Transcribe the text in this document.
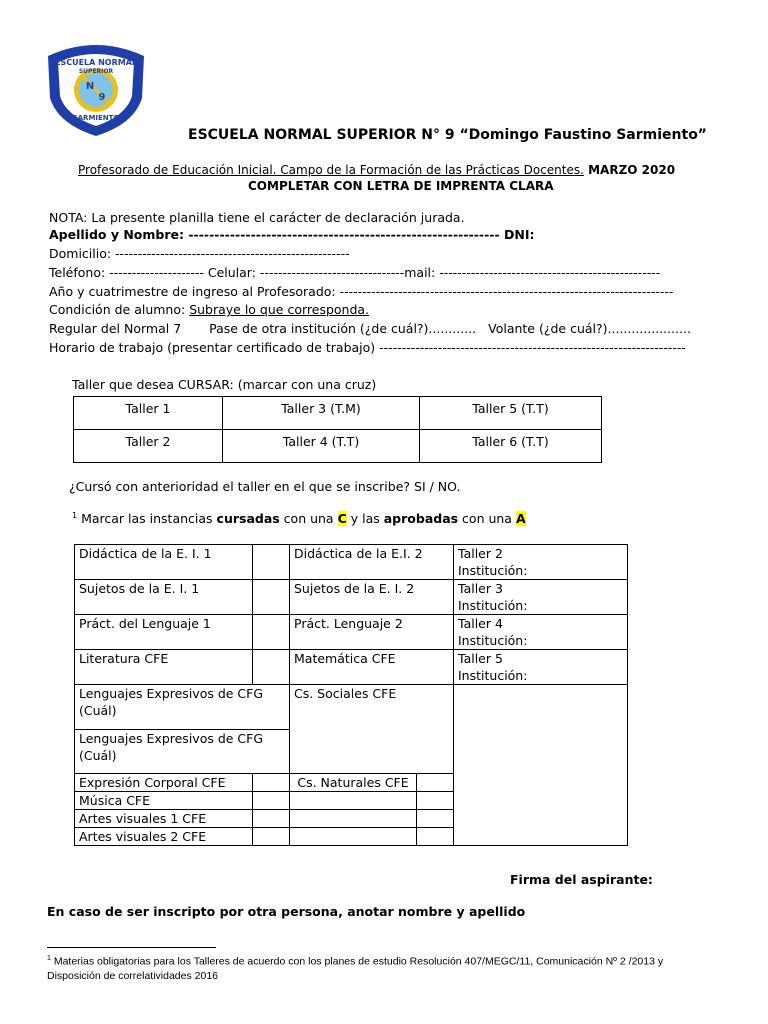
ESCUELA NORMAL
SUPERIOR
N
9
SARMIENTO
ESCUELA NORMAL SUPERIOR N° 9 “Domingo Faustino Sarmiento”
Profesorado de Educación Inicial. Campo de la Formación de las Prácticas Docentes. MARZO 2020
COMPLETAR CON LETRA DE IMPRENTA CLARA
NOTA: La presente planilla tiene el carácter de declaración jurada.
Apellido y Nombre: ------------------------------------------------------------ DNI:
Domicilio: ----------------------------------------------------
Teléfono: --------------------- Celular: --------------------------------mail: -------------------------------------------------
Año y cuatrimestre de ingreso al Profesorado: --------------------------------------------------------------------------
Condición de alumno: Subraye lo que corresponda.
Regular del Normal 7 Pase de otra institución (¿de cuál?)............ Volante (¿de cuál?).....................
Horario de trabajo (presentar certificado de trabajo) --------------------------------------------------------------------
Taller que desea CURSAR: (marcar con una cruz)
Taller 1	Taller 3 (T.M)	Taller 5 (T.T)
Taller 2	Taller 4 (T.T)	Taller 6 (T.T)
¿Cursó con anterioridad el taller en el que se inscribe? SI / NO.
$^1$ Marcar las instancias cursadas con una C y las aprobadas con una A
Didáctica de la E. I. 1		Didáctica de la E.I. 2		Taller 2
Institución:

Sujetos de la E. I. 1		Sujetos de la E. I. 2		Taller 3
Institución:

Práct. del Lenguaje 1		Práct. Lenguaje 2		Taller 4
Institución:

Literatura CFE		Matemática CFE		Taller 5
Institución:

Lenguajes Expresivos de CFG (Cuál)		Cs. Sociales CFE		
Lenguajes Expresivos de CFG (Cuál)				
Expresión Corporal CFE		Cs. Naturales CFE		
Música CFE				
Artes visuales 1 CFE				
Artes visuales 2 CFE				
Firma del aspirante:
En caso de ser inscripto por otra persona, anotar nombre y apellido
$^1$ Materias obligatorias para los Talleres de acuerdo con los planes de estudio Resolución 407/MEGC/11, Comunicación Nº 2 /2013 y
Disposición de correlatividades 2016
